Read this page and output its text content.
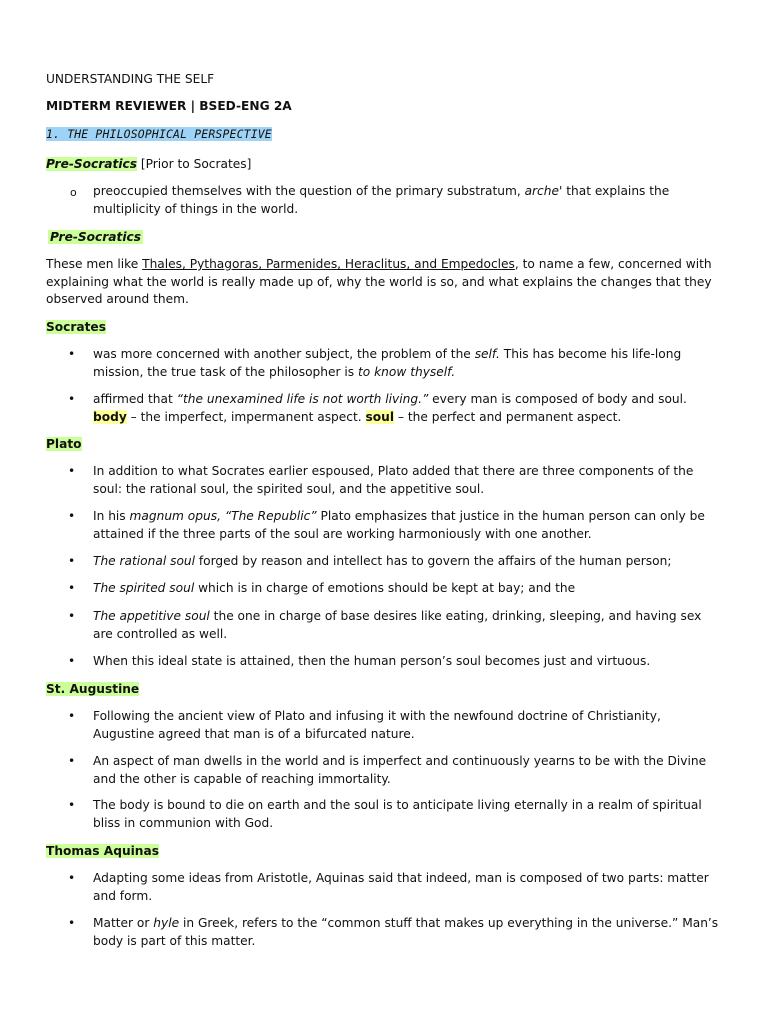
UNDERSTANDING THE SELF

MIDTERM REVIEWER | BSED-ENG 2A

1. THE PHILOSOPHICAL PERSPECTIVE

Pre-Socratics [Prior to Socrates]

o preoccupied themselves with the question of the primary substratum, arche' that explains the multiplicity of things in the world.

Pre-Socratics

These men like Thales, Pythagoras, Parmenides, Heraclitus, and Empedocles, to name a few, concerned with explaining what the world is really made up of, why the world is so, and what explains the changes that they observed around them.

Socrates

•	was more concerned with another subject, the problem of the self. This has become his life-long mission, the true task of the philosopher is to know thyself.

•	affirmed that “the unexamined life is not worth living.” every man is composed of body and soul. body – the imperfect, impermanent aspect. soul – the perfect and permanent aspect.

Plato

•	In addition to what Socrates earlier espoused, Plato added that there are three components of the soul: the rational soul, the spirited soul, and the appetitive soul.

•	In his magnum opus, “The Republic” Plato emphasizes that justice in the human person can only be attained if the three parts of the soul are working harmoniously with one another.

•	The rational soul forged by reason and intellect has to govern the affairs of the human person;

•	The spirited soul which is in charge of emotions should be kept at bay; and the

•	The appetitive soul the one in charge of base desires like eating, drinking, sleeping, and having sex are controlled as well.

•	When this ideal state is attained, then the human person’s soul becomes just and virtuous.

St. Augustine

•	Following the ancient view of Plato and infusing it with the newfound doctrine of Christianity, Augustine agreed that man is of a bifurcated nature.

•	An aspect of man dwells in the world and is imperfect and continuously yearns to be with the Divine and the other is capable of reaching immortality.

•	The body is bound to die on earth and the soul is to anticipate living eternally in a realm of spiritual bliss in communion with God.

Thomas Aquinas

•	Adapting some ideas from Aristotle, Aquinas said that indeed, man is composed of two parts: matter and form.

•	Matter or hyle in Greek, refers to the “common stuff that makes up everything in the universe.” Man’s body is part of this matter.
